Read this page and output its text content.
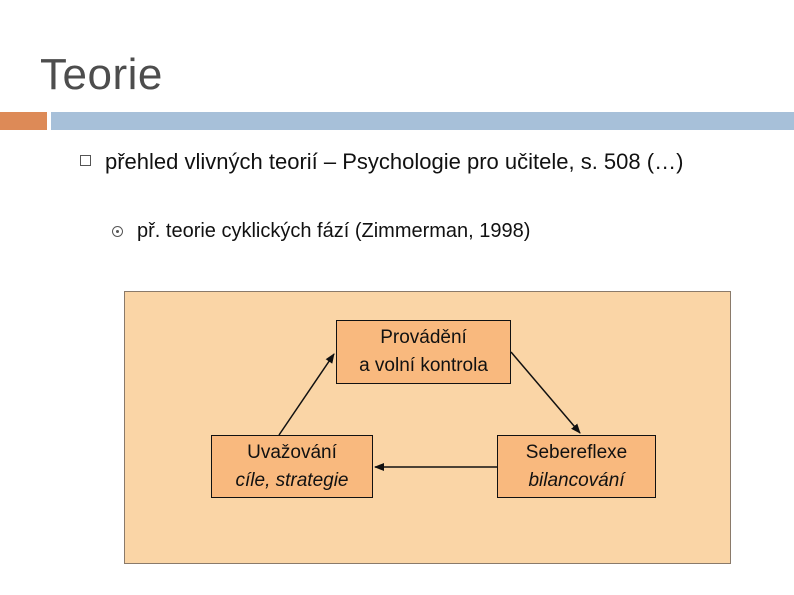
Teorie
přehled vlivných teorií – Psychologie pro učitele, s. 508 (…)
př. teorie cyklických fází (Zimmerman, 1998)
Provádění
a volní kontrola
Uvažování
cíle, strategie
Sebereflexe
bilancování
